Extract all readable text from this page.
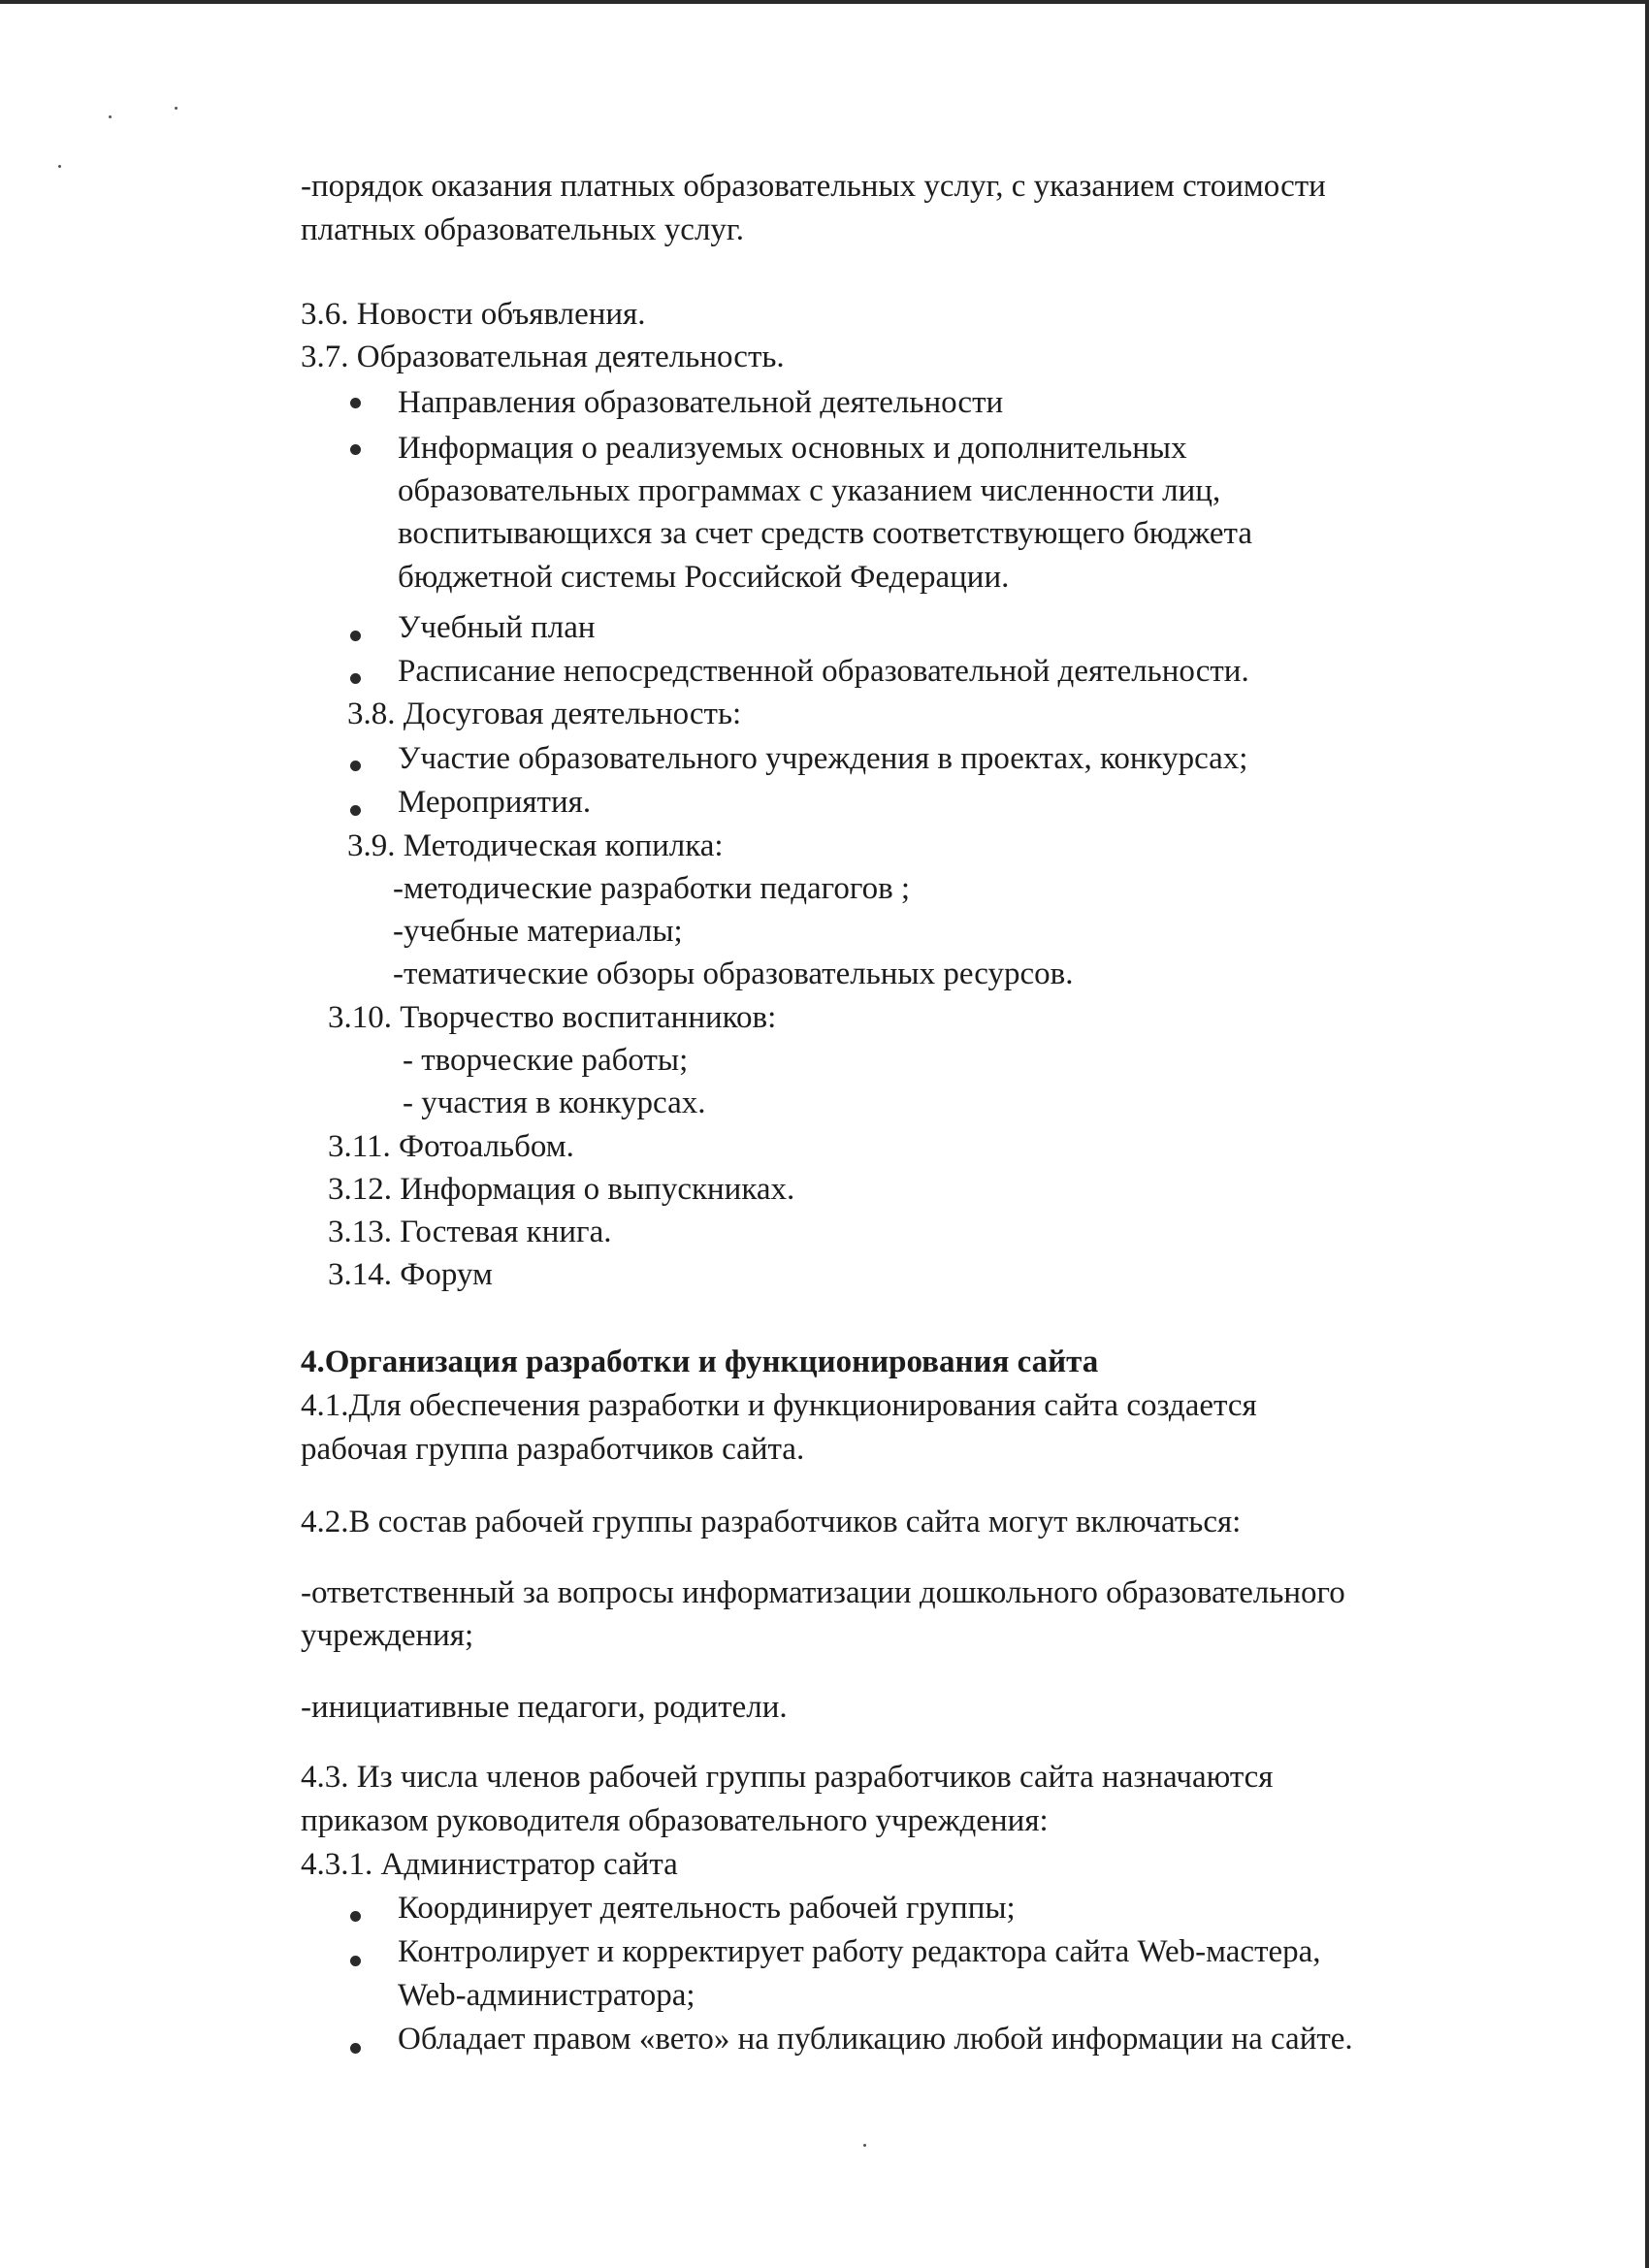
-порядок оказания платных образовательных услуг, с указанием стоимости
платных образовательных услуг.
3.6. Новости объявления.
3.7. Образовательная деятельность.
Направления образовательной деятельности
Информация о реализуемых основных и дополнительных
образовательных программах с указанием численности лиц,
воспитывающихся за счет средств соответствующего бюджета
бюджетной системы Российской Федерации.
Учебный план
Расписание непосредственной образовательной деятельности.
3.8. Досуговая деятельность:
Участие образовательного учреждения в проектах, конкурсах;
Мероприятия.
3.9. Методическая копилка:
-методические разработки педагогов ;
-учебные материалы;
-тематические обзоры образовательных ресурсов.
3.10. Творчество воспитанников:
- творческие работы;
- участия в конкурсах.
3.11. Фотоальбом.
3.12. Информация о выпускниках.
3.13. Гостевая книга.
3.14. Форум
4.Организация разработки и функционирования сайта
4.1.Для обеспечения разработки и функционирования сайта создается
рабочая группа разработчиков сайта.
4.2.В состав рабочей группы разработчиков сайта могут включаться:
-ответственный за вопросы информатизации дошкольного образовательного
учреждения;
-инициативные педагоги, родители.
4.3. Из числа членов рабочей группы разработчиков сайта назначаются
приказом руководителя образовательного учреждения:
4.3.1. Администратор сайта
Координирует деятельность рабочей группы;
Контролирует и корректирует работу редактора сайта Web-мастера,
Web-администратора;
Обладает правом «вето» на публикацию любой информации на сайте.
